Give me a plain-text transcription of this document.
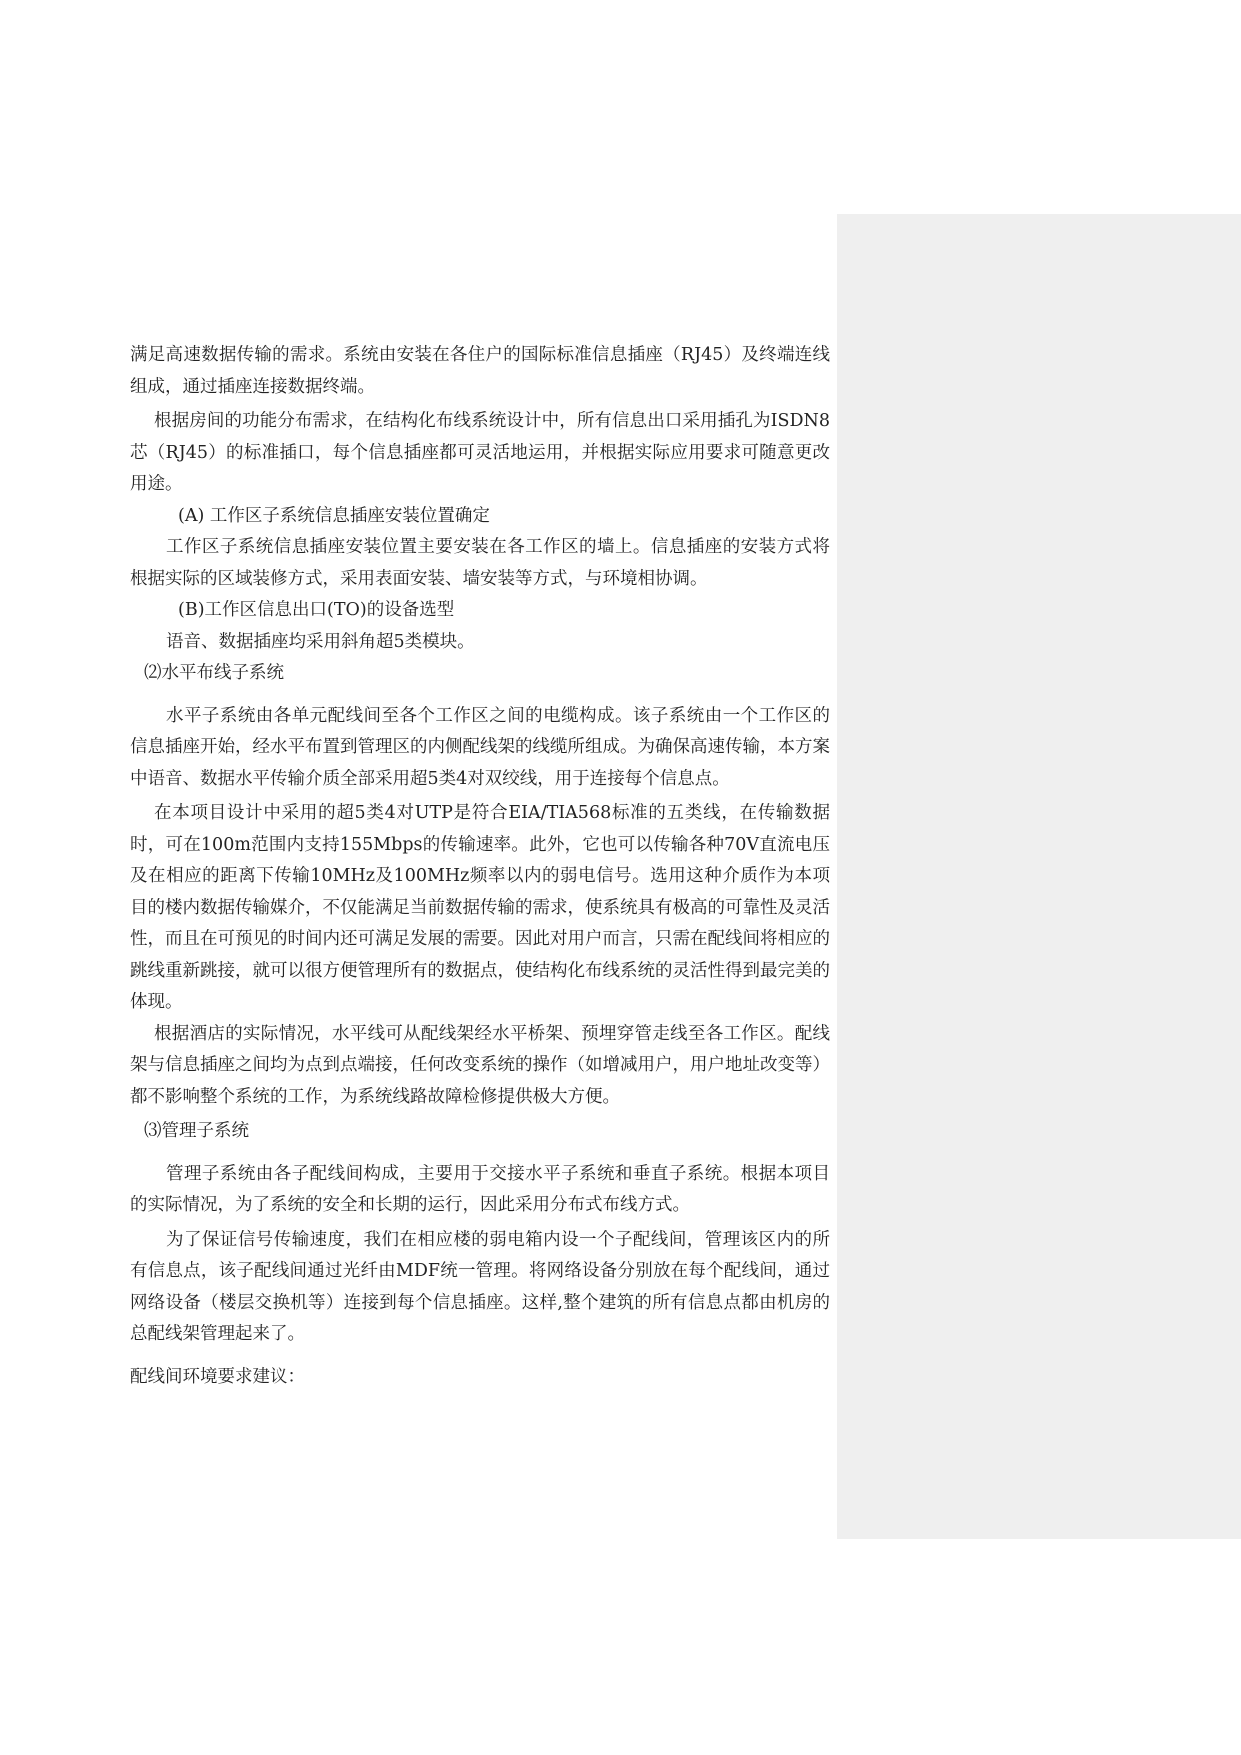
满足高速数据传输的需求。系统由安装在各住户的国际标准信息插座（RJ45）及终端连线组成，通过插座连接数据终端。

根据房间的功能分布需求，在结构化布线系统设计中，所有信息出口采用插孔为ISDN8芯（RJ45）的标准插口，每个信息插座都可灵活地运用，并根据实际应用要求可随意更改用途。

(A) 工作区子系统信息插座安装位置确定

工作区子系统信息插座安装位置主要安装在各工作区的墙上。信息插座的安装方式将根据实际的区域装修方式，采用表面安装、墙安装等方式，与环境相协调。

(B)工作区信息出口(TO)的设备选型

语音、数据插座均采用斜角超5类模块。

⑵水平布线子系统

水平子系统由各单元配线间至各个工作区之间的电缆构成。该子系统由一个工作区的信息插座开始，经水平布置到管理区的内侧配线架的线缆所组成。为确保高速传输，本方案中语音、数据水平传输介质全部采用超5类4对双绞线，用于连接每个信息点。

在本项目设计中采用的超5类4对UTP是符合EIA/TIA568标准的五类线，在传输数据时，可在100m范围内支持155Mbps的传输速率。此外，它也可以传输各种70V直流电压及在相应的距离下传输10MHz及100MHz频率以内的弱电信号。选用这种介质作为本项目的楼内数据传输媒介，不仅能满足当前数据传输的需求，使系统具有极高的可靠性及灵活性，而且在可预见的时间内还可满足发展的需要。因此对用户而言，只需在配线间将相应的跳线重新跳接，就可以很方便管理所有的数据点，使结构化布线系统的灵活性得到最完美的体现。

根据酒店的实际情况，水平线可从配线架经水平桥架、预埋穿管走线至各工作区。配线架与信息插座之间均为点到点端接，任何改变系统的操作（如增减用户，用户地址改变等）都不影响整个系统的工作，为系统线路故障检修提供极大方便。

⑶管理子系统

管理子系统由各子配线间构成，主要用于交接水平子系统和垂直子系统。根据本项目的实际情况，为了系统的安全和长期的运行，因此采用分布式布线方式。

为了保证信号传输速度，我们在相应楼的弱电箱内设一个子配线间，管理该区内的所有信息点，该子配线间通过光纤由MDF统一管理。将网络设备分别放在每个配线间，通过网络设备（楼层交换机等）连接到每个信息插座。这样,整个建筑的所有信息点都由机房的总配线架管理起来了。

配线间环境要求建议：
